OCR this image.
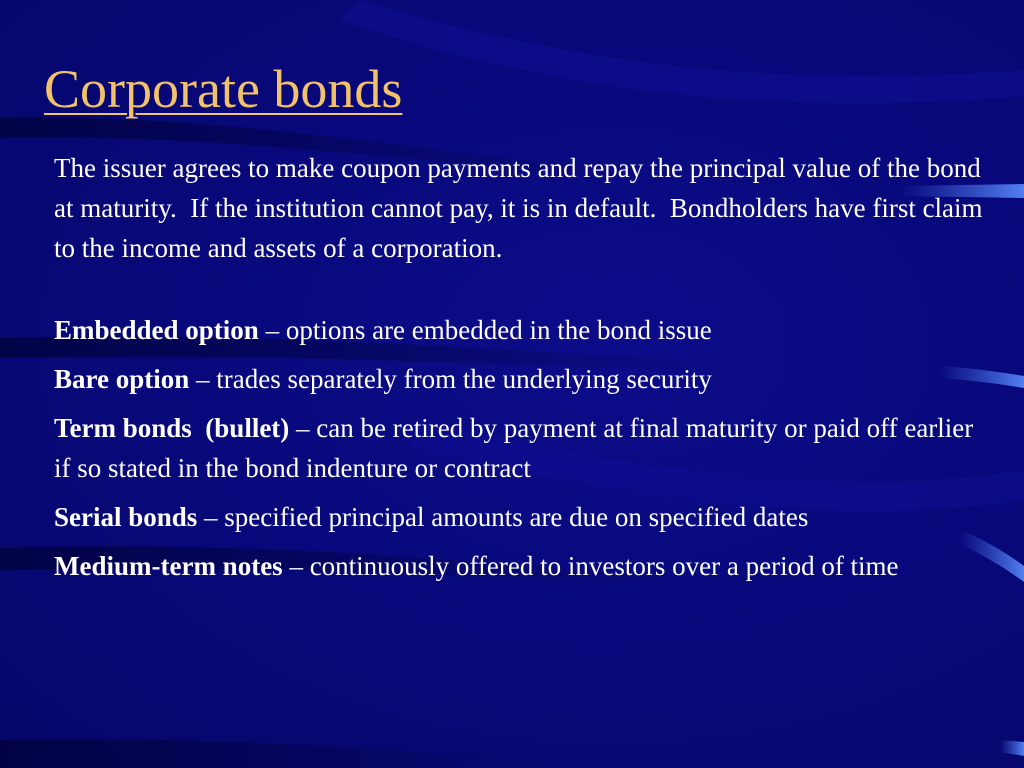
Corporate bonds

The issuer agrees to make coupon payments and repay the principal value of the bond at maturity.  If the institution cannot pay, it is in default.  Bondholders have first claim to the income and assets of a corporation.

Embedded option – options are embedded in the bond issue

Bare option – trades separately from the underlying security

Term bonds  (bullet) – can be retired by payment at final maturity or paid off earlier if so stated in the bond indenture or contract

Serial bonds – specified principal amounts are due on specified dates

Medium-term notes – continuously offered to investors over a period of time
